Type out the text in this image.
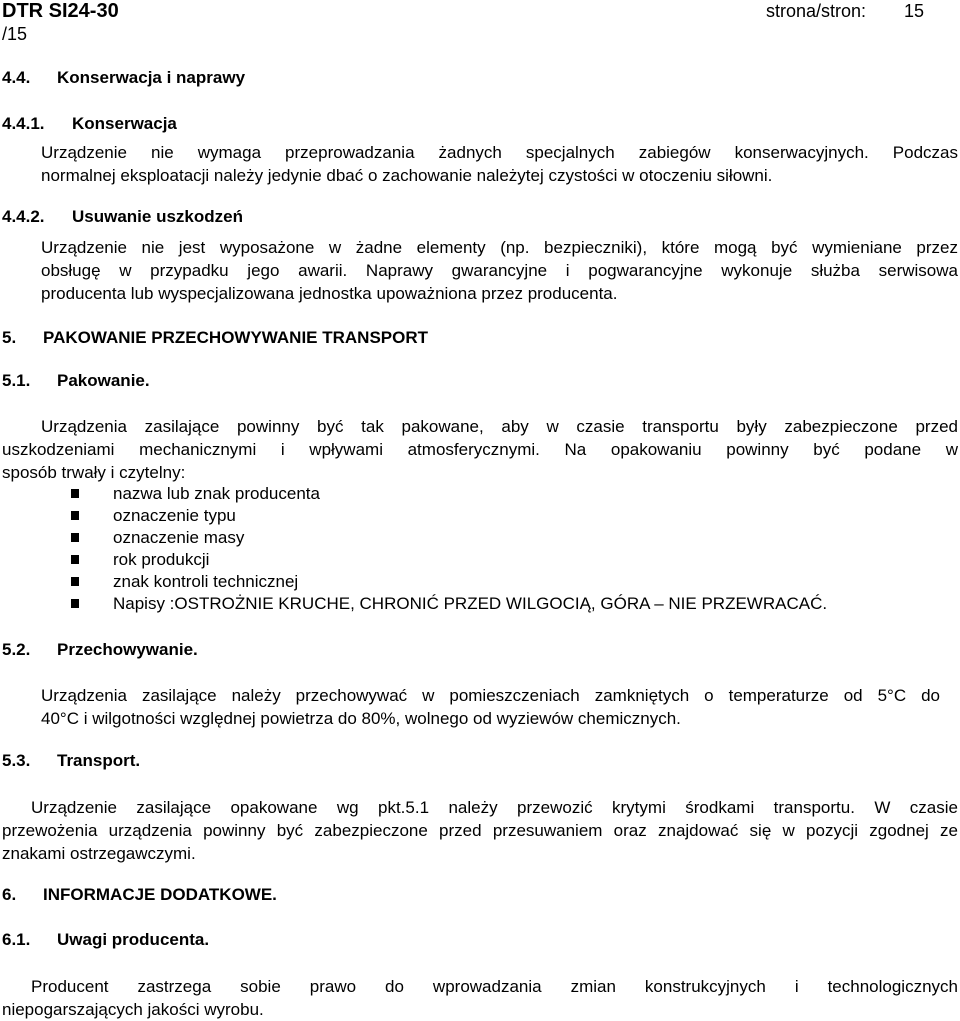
DTR SI24-30	strona/stron: 15
/15
4.4. Konserwacja i naprawy
4.4.1. Konserwacja
Urządzenie nie wymaga przeprowadzania żadnych specjalnych zabiegów konserwacyjnych. Podczas
normalnej eksploatacji należy jedynie dbać o zachowanie należytej czystości w otoczeniu siłowni.
4.4.2. Usuwanie uszkodzeń
Urządzenie nie jest wyposażone w żadne elementy (np. bezpieczniki), które mogą być wymieniane przez
obsługę w przypadku jego awarii. Naprawy gwarancyjne i pogwarancyjne wykonuje służba serwisowa
producenta lub wyspecjalizowana jednostka upoważniona przez producenta.
5. PAKOWANIE PRZECHOWYWANIE TRANSPORT
5.1. Pakowanie.
Urządzenia zasilające powinny być tak pakowane, aby w czasie transportu były zabezpieczone przed
uszkodzeniami mechanicznymi i wpływami atmosferycznymi. Na opakowaniu powinny być podane w
sposób trwały i czytelny:
nazwa lub znak producenta
oznaczenie typu
oznaczenie masy
rok produkcji
znak kontroli technicznej
Napisy :OSTROŻNIE KRUCHE, CHRONIĆ PRZED WILGOCIĄ, GÓRA – NIE PRZEWRACAĆ.
5.2. Przechowywanie.
Urządzenia zasilające należy przechowywać w pomieszczeniach zamkniętych o temperaturze od 5°C do
40°C i wilgotności względnej powietrza do 80%, wolnego od wyziewów chemicznych.
5.3. Transport.
Urządzenie zasilające opakowane wg pkt.5.1 należy przewozić krytymi środkami transportu. W czasie
przewożenia urządzenia powinny być zabezpieczone przed przesuwaniem oraz znajdować się w pozycji zgodnej ze
znakami ostrzegawczymi.
6. INFORMACJE DODATKOWE.
6.1. Uwagi producenta.
Producent zastrzega sobie prawo do wprowadzania zmian konstrukcyjnych i technologicznych
niepogarszających jakości wyrobu.
